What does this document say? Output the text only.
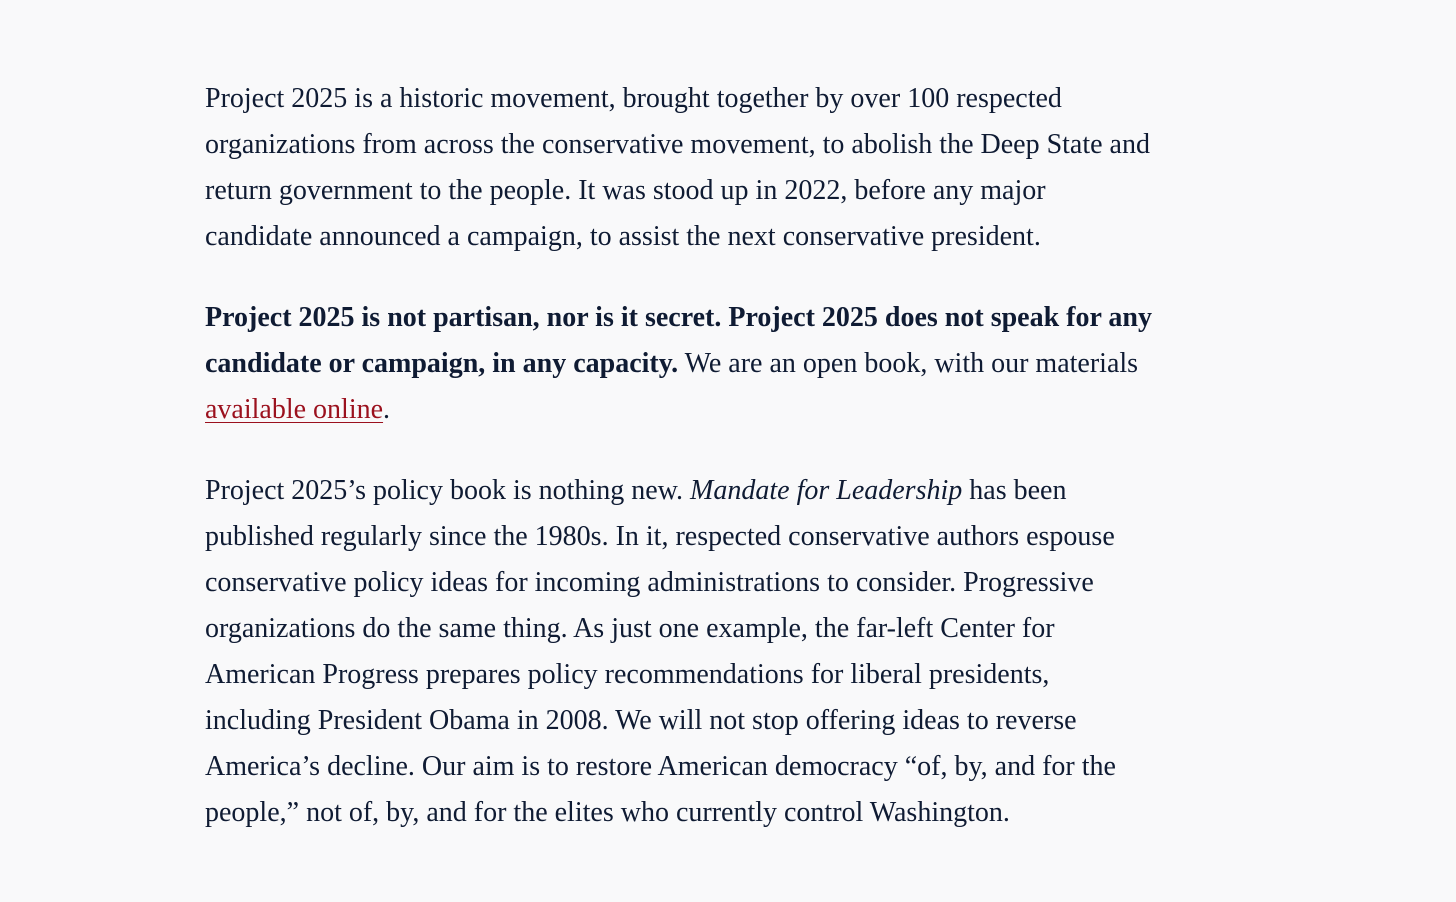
Project 2025 is a historic movement, brought together by over 100 respected
organizations from across the conservative movement, to abolish the Deep State and
return government to the people. It was stood up in 2022, before any major
candidate announced a campaign, to assist the next conservative president.

Project 2025 is not partisan, nor is it secret. Project 2025 does not speak for any
candidate or campaign, in any capacity. We are an open book, with our materials
available online.

Project 2025’s policy book is nothing new. Mandate for Leadership has been
published regularly since the 1980s. In it, respected conservative authors espouse
conservative policy ideas for incoming administrations to consider. Progressive
organizations do the same thing. As just one example, the far-left Center for
American Progress prepares policy recommendations for liberal presidents,
including President Obama in 2008. We will not stop offering ideas to reverse
America’s decline. Our aim is to restore American democracy “of, by, and for the
people,” not of, by, and for the elites who currently control Washington.
